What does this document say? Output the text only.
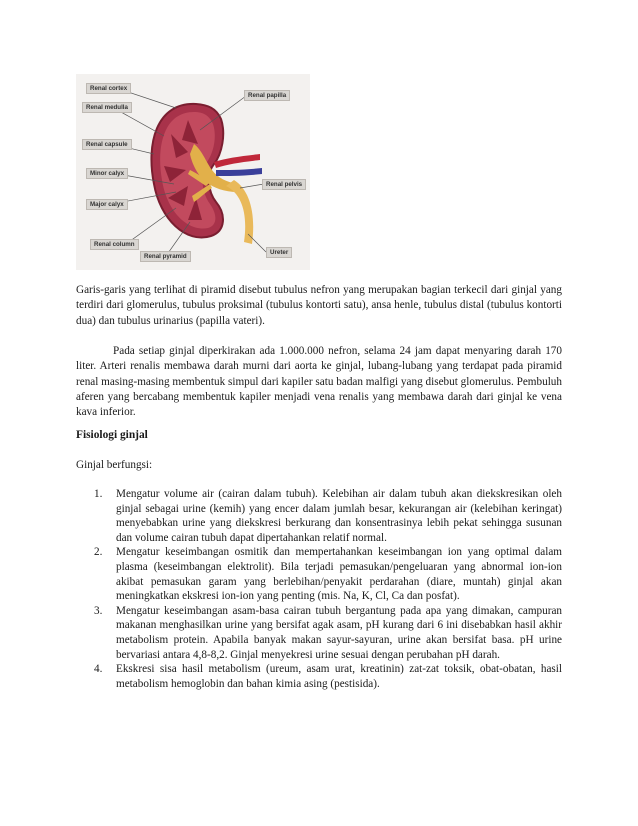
Renal cortex
Renal medulla
Renal capsule
Minor calyx
Major calyx
Renal column
Renal pyramid
Renal papilla
Renal pelvis
Ureter
Garis-garis yang terlihat di piramid disebut tubulus nefron yang merupakan bagian terkecil dari ginjal yang terdiri dari glomerulus, tubulus proksimal (tubulus kontorti satu), ansa henle, tubulus distal (tubulus kontorti dua) dan tubulus urinarius (papilla vateri).
Pada setiap ginjal diperkirakan ada 1.000.000 nefron, selama 24 jam dapat menyaring darah 170 liter. Arteri renalis membawa darah murni dari aorta ke ginjal, lubang-lubang yang terdapat pada piramid renal masing-masing membentuk simpul dari kapiler satu badan malfigi yang disebut glomerulus. Pembuluh aferen yang bercabang membentuk kapiler menjadi vena renalis yang membawa darah dari ginjal ke vena kava inferior.
Fisiologi ginjal
Ginjal berfungsi:
1. Mengatur volume air (cairan dalam tubuh). Kelebihan air dalam tubuh akan diekskresikan oleh ginjal sebagai urine (kemih) yang encer dalam jumlah besar, kekurangan air (kelebihan keringat) menyebabkan urine yang diekskresi berkurang dan konsentrasinya lebih pekat sehingga susunan dan volume cairan tubuh dapat dipertahankan relatif normal.
2. Mengatur keseimbangan osmitik dan mempertahankan keseimbangan ion yang optimal dalam plasma (keseimbangan elektrolit). Bila terjadi pemasukan/pengeluaran yang abnormal ion-ion akibat pemasukan garam yang berlebihan/penyakit perdarahan (diare, muntah) ginjal akan meningkatkan ekskresi ion-ion yang penting (mis. Na, K, Cl, Ca dan posfat).
3. Mengatur keseimbangan asam-basa cairan tubuh bergantung pada apa yang dimakan, campuran makanan menghasilkan urine yang bersifat agak asam, pH kurang dari 6 ini disebabkan hasil akhir metabolism protein. Apabila banyak makan sayur-sayuran, urine akan bersifat basa. pH urine bervariasi antara 4,8-8,2. Ginjal menyekresi urine sesuai dengan perubahan pH darah.
4. Ekskresi sisa hasil metabolism (ureum, asam urat, kreatinin) zat-zat toksik, obat-obatan, hasil metabolism hemoglobin dan bahan kimia asing (pestisida).
